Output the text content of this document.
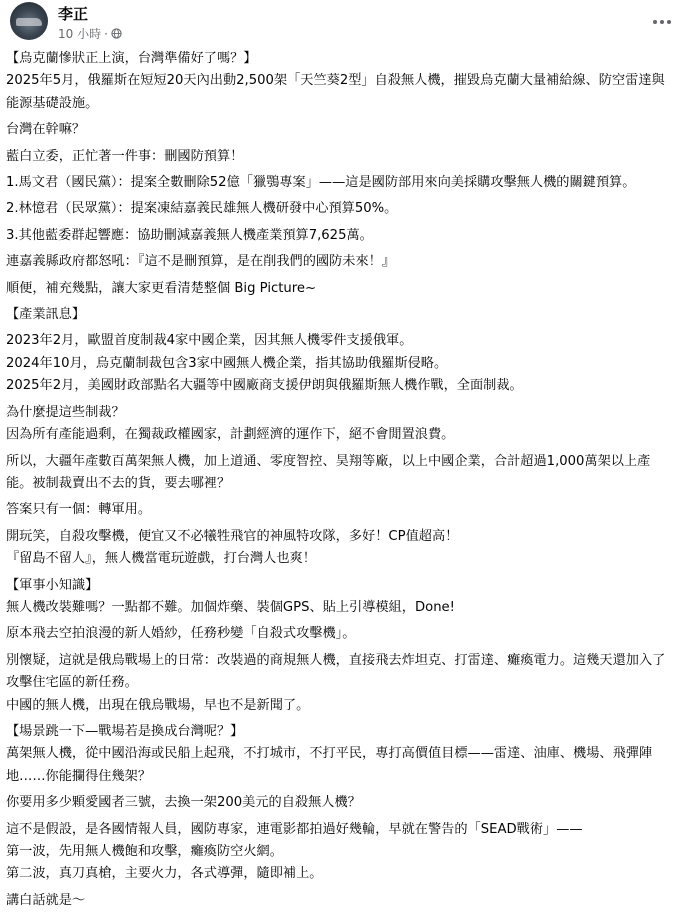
李正
10 小時 ·

【烏克蘭慘狀正上演，台灣準備好了嗎？】
2025年5月，俄羅斯在短短20天內出動2,500架「天竺葵2型」自殺無人機，摧毀烏克蘭大量補給線、防空雷達與能源基礎設施。

台灣在幹嘛？

藍白立委，正忙著一件事：刪國防預算！

1.馬文君（國民黨）：提案全數刪除52億「獵鶚專案」——這是國防部用來向美採購攻擊無人機的關鍵預算。

2.林憶君（民眾黨）：提案凍結嘉義民雄無人機研發中心預算50%。

3.其他藍委群起響應：協助刪減嘉義無人機產業預算7,625萬。

連嘉義縣政府都怒吼：『這不是刪預算，是在削我們的國防未來！』

順便，補充幾點，讓大家更看清楚整個 Big Picture~

【產業訊息】

2023年2月，歐盟首度制裁4家中國企業，因其無人機零件支援俄軍。
2024年10月，烏克蘭制裁包含3家中國無人機企業，指其協助俄羅斯侵略。
2025年2月，美國財政部點名大疆等中國廠商支援伊朗與俄羅斯無人機作戰，全面制裁。

為什麼提這些制裁？
因為所有產能過剩，在獨裁政權國家，計劃經濟的運作下，絕不會閒置浪費。

所以，大疆年產數百萬架無人機，加上道通、零度智控、昊翔等廠，以上中國企業，合計超過1,000萬架以上產能。被制裁賣出不去的貨，要去哪裡？

答案只有一個：轉軍用。

開玩笑，自殺攻擊機，便宜又不必犧牲飛官的神風特攻隊，多好！CP值超高！
『留島不留人』，無人機當電玩遊戲，打台灣人也爽！

【軍事小知識】
無人機改裝難嗎？一點都不難。加個炸藥、裝個GPS、貼上引導模組，Done!

原本飛去空拍浪漫的新人婚紗，任務秒變「自殺式攻擊機」。

別懷疑，這就是俄烏戰場上的日常：改裝過的商規無人機，直接飛去炸坦克、打雷達、癱瘓電力。這幾天還加入了攻擊住宅區的新任務。
中國的無人機，出現在俄烏戰場，早也不是新聞了。

【場景跳一下—戰場若是換成台灣呢？】
萬架無人機，從中國沿海或民船上起飛，不打城市，不打平民，專打高價值目標——雷達、油庫、機場、飛彈陣地……你能攔得住幾架？

你要用多少顆愛國者三號，去換一架200美元的自殺無人機？

這不是假設，是各國情報人員，國防專家，連電影都拍過好幾輪，早就在警告的「SEAD戰術」——
第一波，先用無人機飽和攻擊，癱瘓防空火網。
第二波，真刀真槍，主要火力，各式導彈，隨即補上。

講白話就是～
